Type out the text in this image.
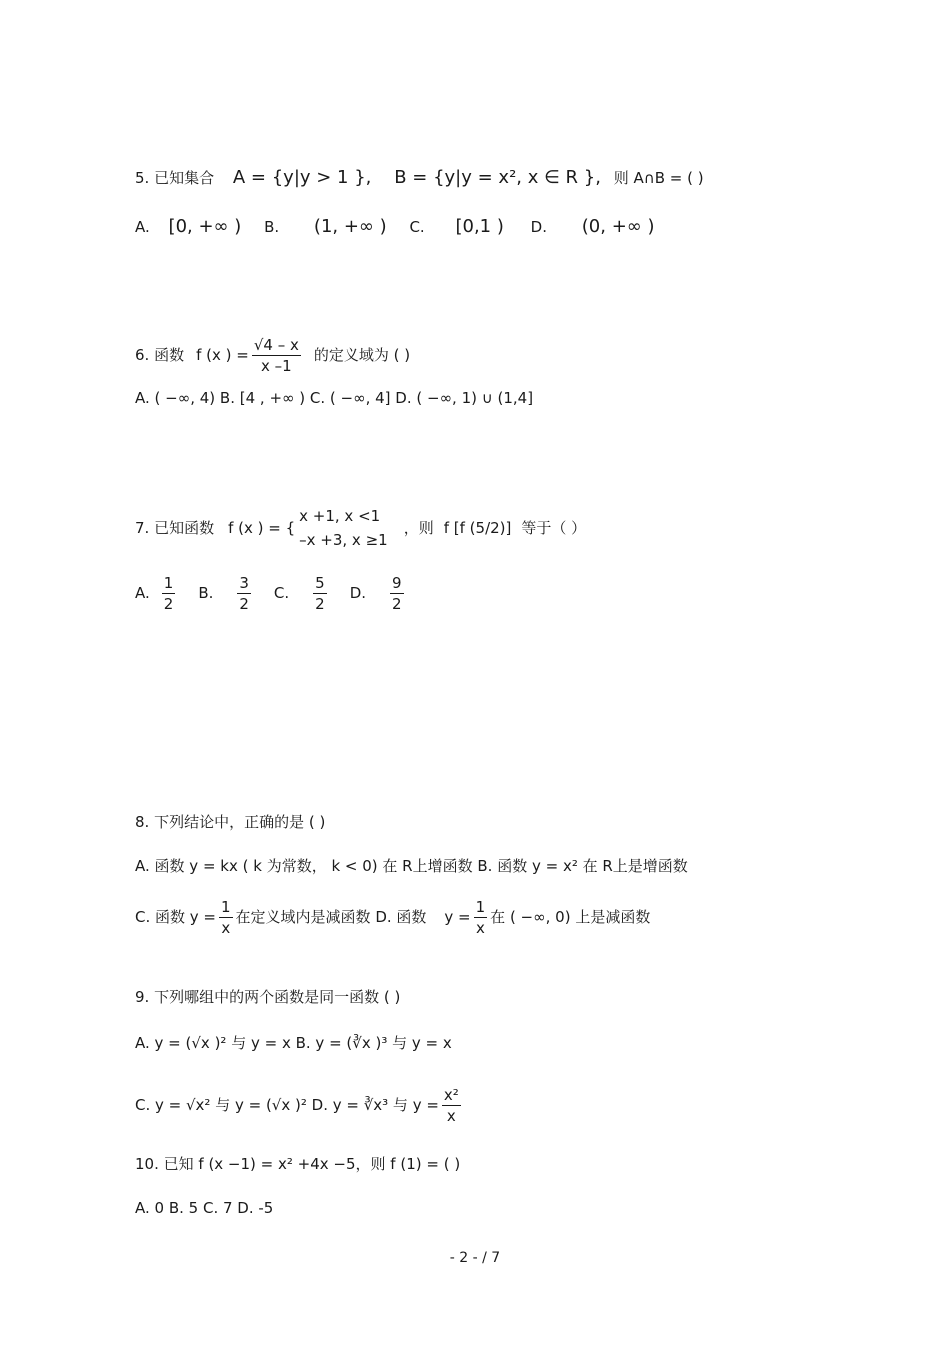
5. 已知集合 A = {y|y > 1 }, B = {y|y = x², x ∈ R }, 则 A∩B = ( )
A. [0, +∞ ) B. (1, +∞ ) C. [0,1 ) D. (0, +∞ )
6. 函数 f (x ) = $\frac{√4 - x}{x -1}$ 的定义域为 ( )
A. ( −∞, 4) B. [4 , +∞ ) C. ( −∞, 4] D. ( −∞, 1) ∪ (1,4]
7. 已知函数 f (x ) = {
x +1, x <1
–x +3, x ≥1
，则 f [f (5/2)] 等于（ ）
A. $\frac{1}{2} B$. $\frac{3}{2} C$. $\frac{5}{2} D$. $\frac{9}{2}$
8. 下列结论中，正确的是 ( )
A. 函数 y = kx ( k 为常数， k < 0) 在 R上增函数 B. 函数 y = x² 在 R上是增函数
C. 函数 $y = \frac{1}{x}$ 在定义域内是减函数 D. 函数 $y = \frac{1}{x}$ 在 ( −∞, 0) 上是减函数
9. 下列哪组中的两个函数是同一函数 ( )
A. y = (√x )² 与 y = x B. y = (∛x )³ 与 y = x
C. y = √x² 与 y = (√x )² D. y = ∛x³ 与 $y = \frac{\text{x²}}{x}$
10. 已知 f (x −1) = x² +4x −5，则 f (1) = ( )
A. 0 B. 5 C. 7 D. -5
- 2 - / 7
